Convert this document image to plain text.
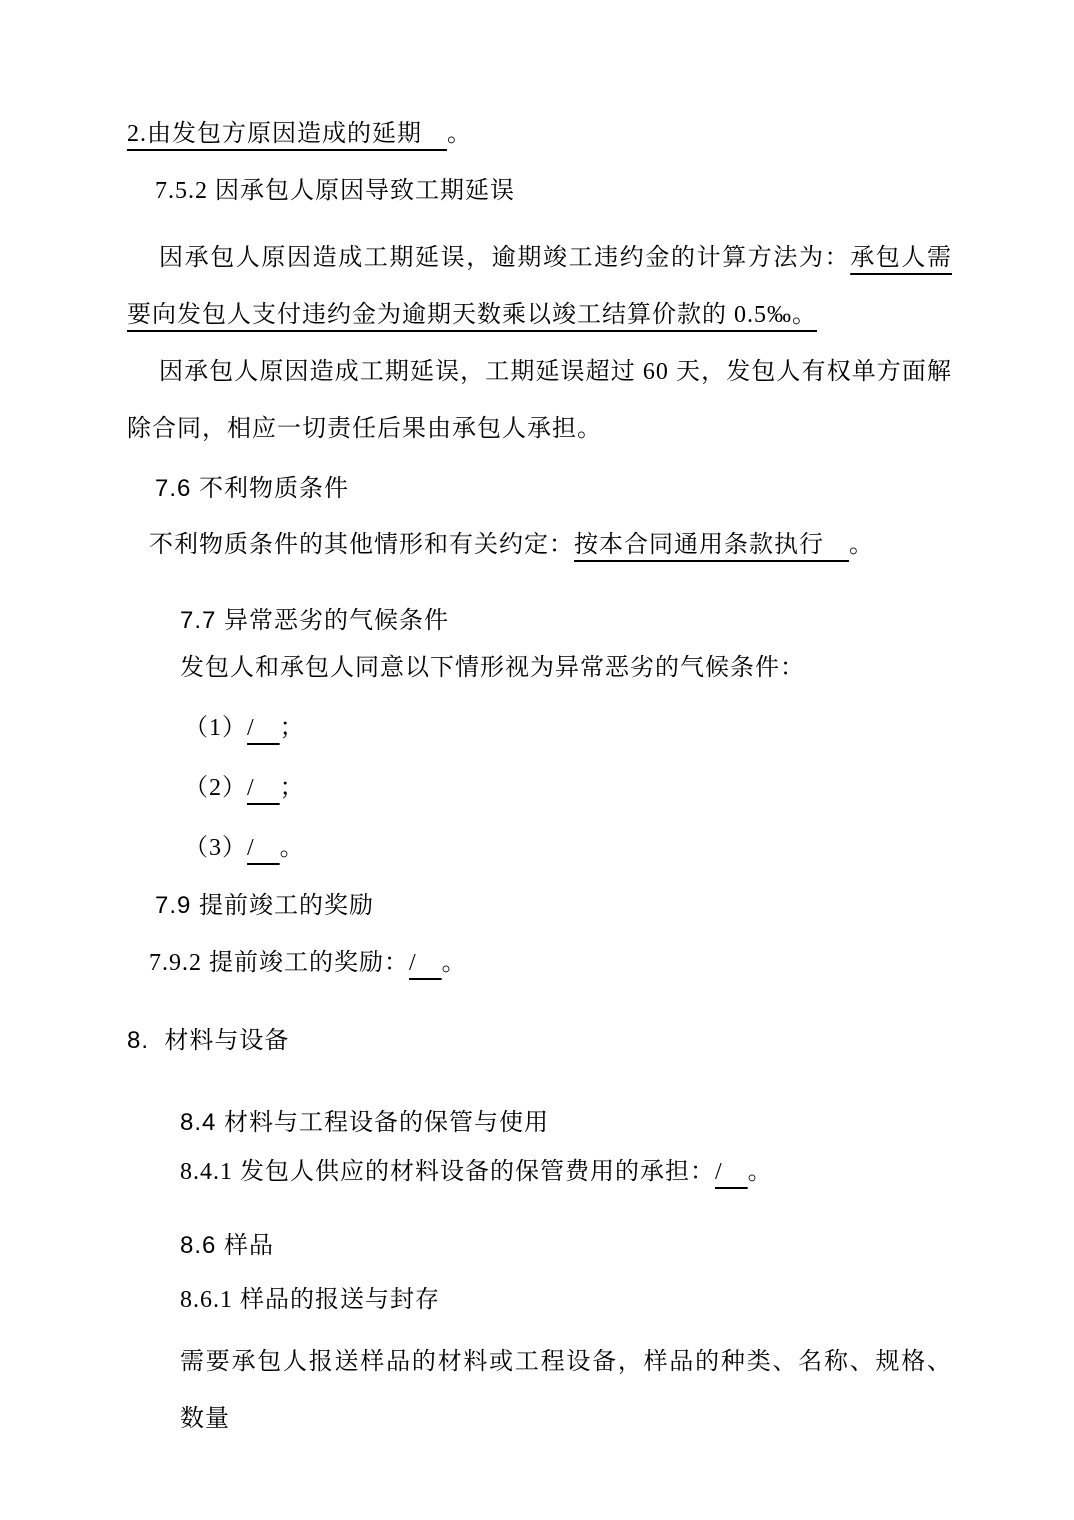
2.由发包方原因造成的延期　。

7.5.2 因承包人原因导致工期延误

因承包人原因造成工期延误，逾期竣工违约金的计算方法为：承包人需要向发包人支付违约金为逾期天数乘以竣工结算价款的 0.5‰。

因承包人原因造成工期延误，工期延误超过 60 天，发包人有权单方面解除合同，相应一切责任后果由承包人承担。

7.6 不利物质条件

不利物质条件的其他情形和有关约定：按本合同通用条款执行　。

7.7 异常恶劣的气候条件

发包人和承包人同意以下情形视为异常恶劣的气候条件：

（1）/　；

（2）/　；

（3）/　。

7.9 提前竣工的奖励

7.9.2 提前竣工的奖励：/　。

8.  材料与设备
8.4 材料与工程设备的保管与使用

8.4.1 发包人供应的材料设备的保管费用的承担：/　。

8.6 样品

8.6.1 样品的报送与封存

需要承包人报送样品的材料或工程设备，样品的种类、名称、规格、数量
